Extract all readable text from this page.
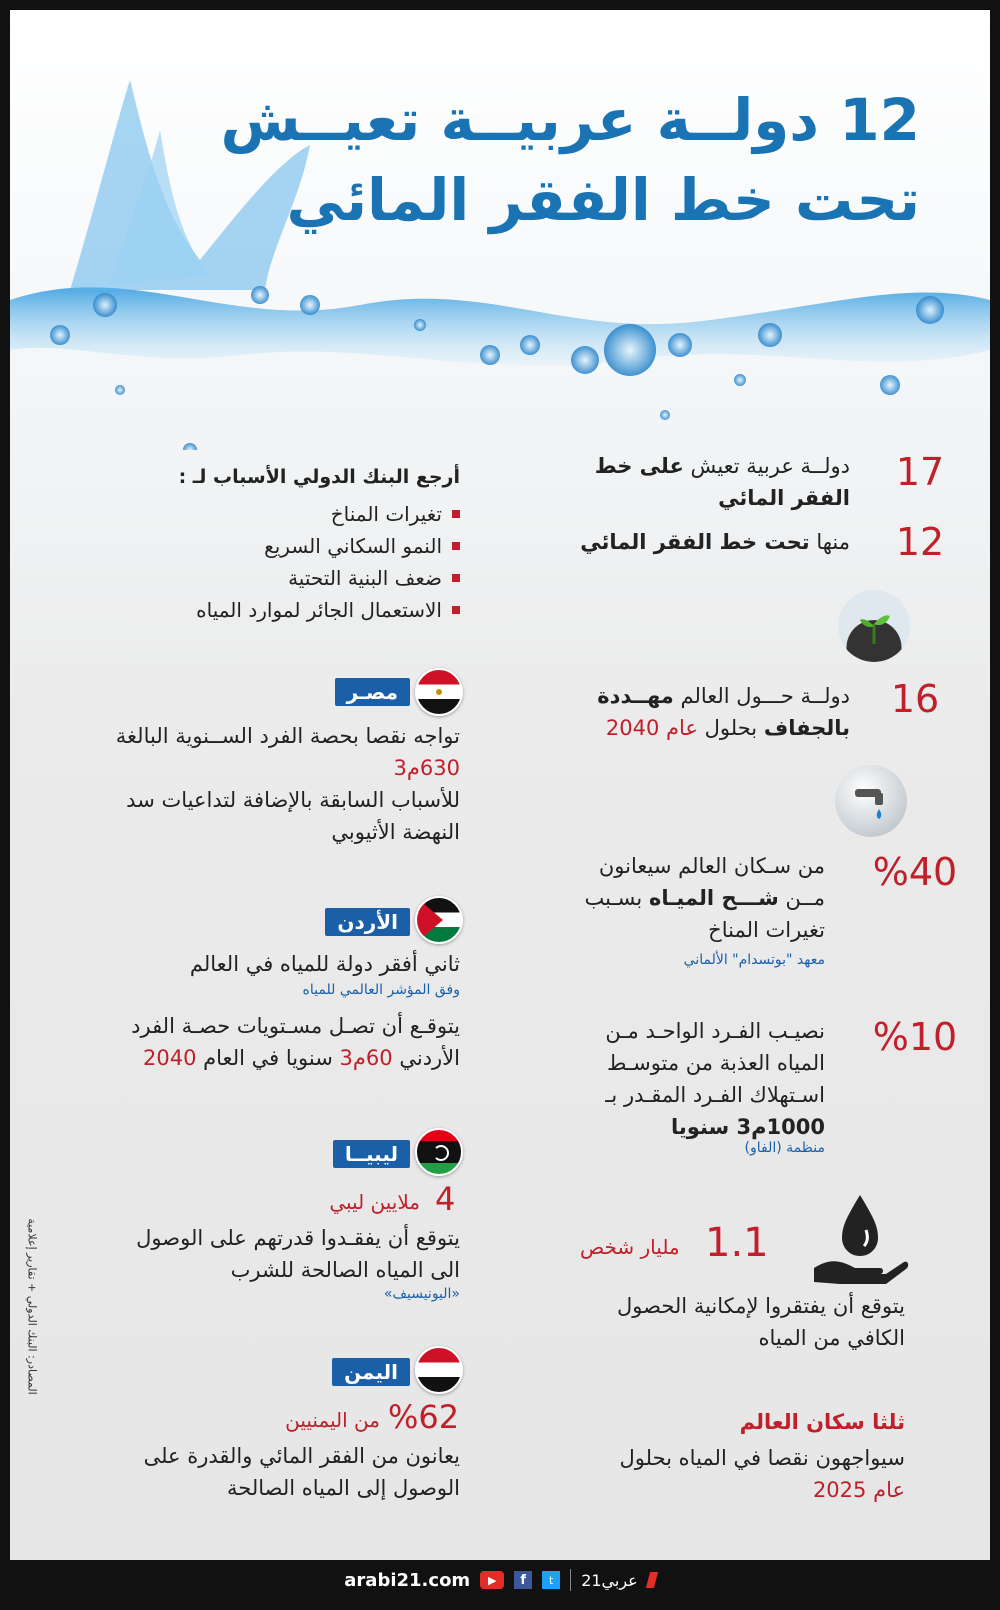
12 دولــة عربيــة تعيــش
تحت خط الفقر المائي
17
دولــة عربية تعيش على خط
الفقر المائي
12
منها تحت خط الفقر المائي
16
دولــة حـــول العالم مهــددة
بالجفاف بحلول عام 2040
%40
من سـكان العالم سيعانون
مــن شـــح الميـاه بسـبب
تغيرات المناخ
معهد "بوتسدام" الألماني
%10
نصيـب الفـرد الواحـد مـن
المياه العذبة من متوسـط
اسـتهلاك الفـرد المقـدر بـ
1000م3 سنويا
منظمة (الفاو)
1.1
مليار شخص
يتوقع أن يفتقروا لإمكانية الحصول
الكافي من المياه
ثلثا سكان العالم
سيواجهون نقصا في المياه بحلول
عام 2025
أرجع البنك الدولي الأسباب لـ :
تغيرات المناخ
النمو السكاني السريع
ضعف البنية التحتية
الاستعمال الجائر لموارد المياه
مصـر
تواجه نقصا بحصة الفرد الســنوية البالغة
630م3
للأسباب السابقة بالإضافة لتداعيات سد
النهضة الأثيوبي
الأردن
ثاني أفقر دولة للمياه في العالم
وفق المؤشر العالمي للمياه
يتوقـع أن تصـل مسـتويات حصـة الفرد
الأردني 60م3 سنويا في العام 2040
ليبيــا
4
ملايين ليبي
يتوقع أن يفقـدوا قدرتهم على الوصول
الى المياه الصالحة للشرب
«اليونيسيف»
اليمن
%62
من اليمنيين
يعانون من الفقر المائي والقدرة على
الوصول إلى المياه الصالحة
المصادر: البنك الدولي + تقارير إعلامية
arabi21.com	▶	f	t	عربي21
